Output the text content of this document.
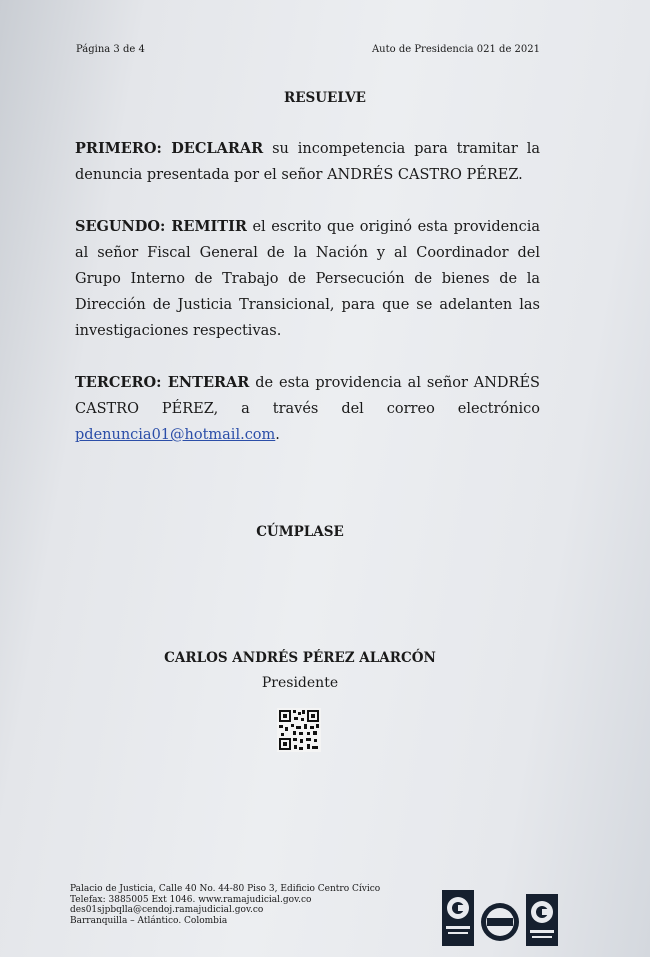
Página 3 de 4	Auto de Presidencia 021 de 2021
RESUELVE
PRIMERO: DECLARAR su incompetencia para tramitar la denuncia presentada por el señor ANDRÉS CASTRO PÉREZ.
SEGUNDO: REMITIR el escrito que originó esta providencia al señor Fiscal General de la Nación y al Coordinador del Grupo Interno de Trabajo de Persecución de bienes de la Dirección de Justicia Transicional, para que se adelanten las investigaciones respectivas.
TERCERO: ENTERAR de esta providencia al señor ANDRÉS CASTRO PÉREZ, a través del correo electrónico pdenuncia01@hotmail.com.
CÚMPLASE
CARLOS ANDRÉS PÉREZ ALARCÓN
Presidente
Palacio de Justicia, Calle 40 No. 44-80 Piso 3, Edificio Centro Cívico
Telefax: 3885005 Ext 1046. www.ramajudicial.gov.co
des01sjpbqlla@cendoj.ramajudicial.gov.co
Barranquilla – Atlántico. Colombia
